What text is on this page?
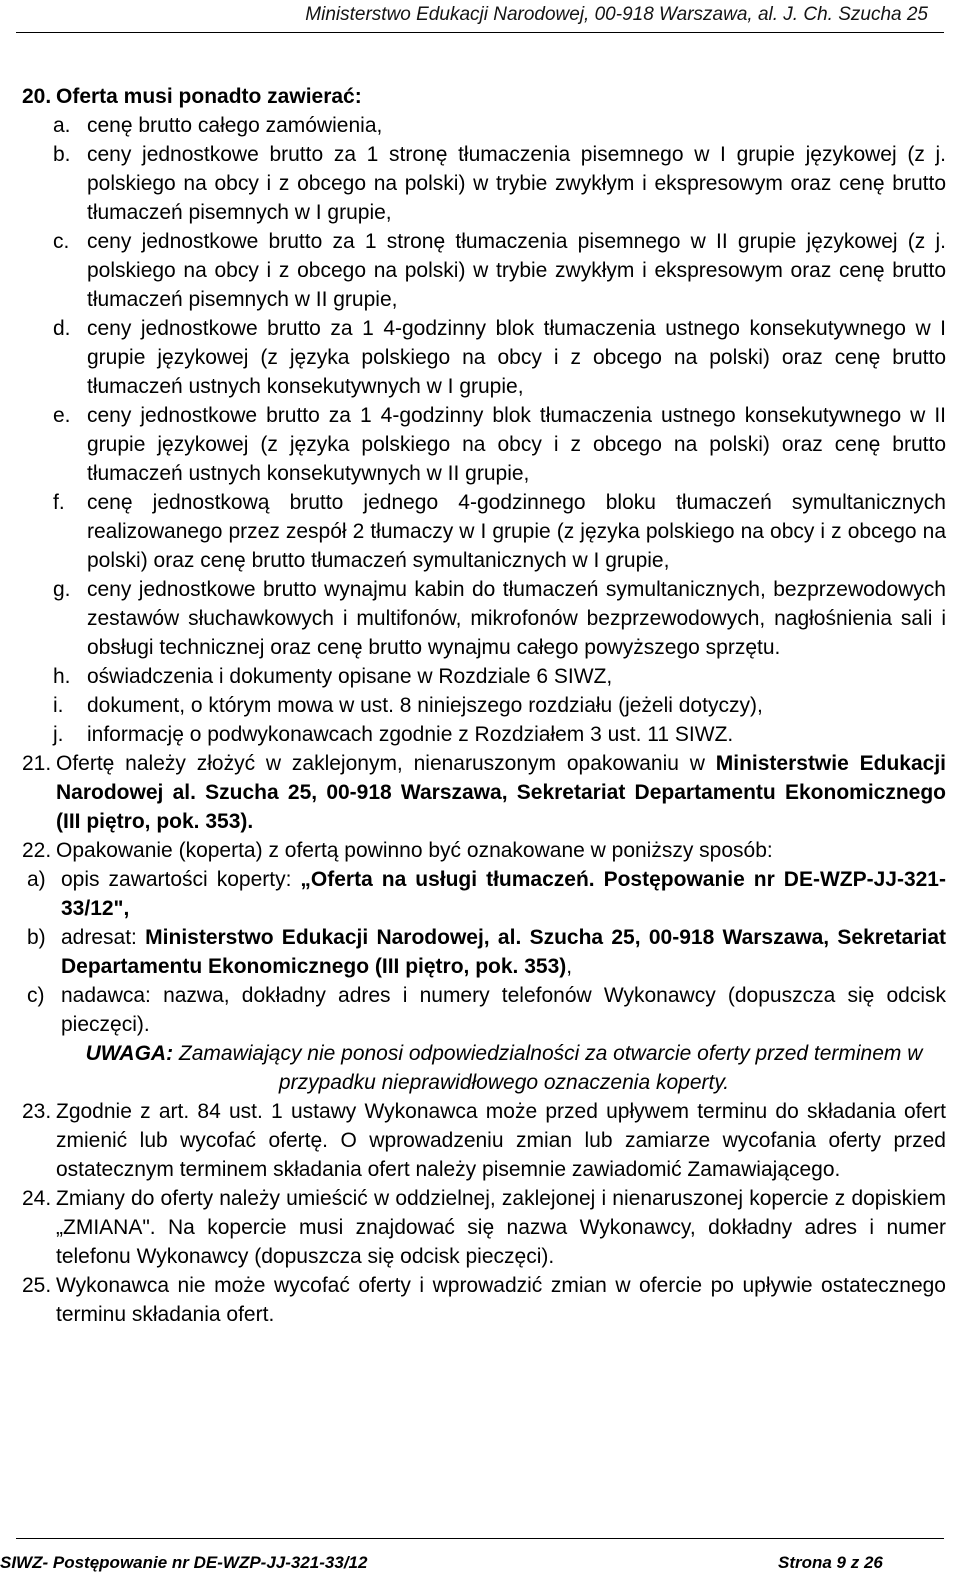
Ministerstwo Edukacji Narodowej, 00-918 Warszawa, al. J. Ch. Szucha 25
20. Oferta musi ponadto zawierać:

a. cenę brutto całego zamówienia,
b. ceny jednostkowe brutto za 1 stronę tłumaczenia pisemnego w I grupie językowej (z j. polskiego na obcy i z obcego na polski) w trybie zwykłym i ekspresowym oraz cenę brutto tłumaczeń pisemnych w I grupie,
c. ceny jednostkowe brutto za 1 stronę tłumaczenia pisemnego w II grupie językowej (z j. polskiego na obcy i z obcego na polski) w trybie zwykłym i ekspresowym oraz cenę brutto tłumaczeń pisemnych w II grupie,
d. ceny jednostkowe brutto za 1 4-godzinny blok tłumaczenia ustnego konsekutywnego w I grupie językowej (z języka polskiego na obcy i z obcego na polski) oraz cenę brutto tłumaczeń ustnych konsekutywnych w I grupie,
e. ceny jednostkowe brutto za 1 4-godzinny blok tłumaczenia ustnego konsekutywnego w II grupie językowej (z języka polskiego na obcy i z obcego na polski) oraz cenę brutto tłumaczeń ustnych konsekutywnych w II grupie,
f.	cenę jednostkową brutto jednego 4-godzinnego bloku tłumaczeń symultanicznych realizowanego przez zespół 2 tłumaczy w I grupie (z języka polskiego na obcy i z obcego na polski) oraz cenę brutto tłumaczeń symultanicznych w I grupie,
g. ceny jednostkowe brutto wynajmu kabin do tłumaczeń symultanicznych, bezprzewodowych zestawów słuchawkowych i multifonów, mikrofonów bezprzewodowych, nagłośnienia sali i obsługi technicznej oraz cenę brutto wynajmu całego powyższego sprzętu.
h. oświadczenia i dokumenty opisane w Rozdziale 6 SIWZ,
i.	dokument, o którym mowa w ust. 8 niniejszego rozdziału (jeżeli dotyczy),
j.	informację o podwykonawcach zgodnie z Rozdziałem 3 ust. 11 SIWZ.
21. Ofertę należy złożyć w zaklejonym, nienaruszonym opakowaniu w Ministerstwie Edukacji Narodowej al. Szucha 25, 00-918 Warszawa, Sekretariat Departamentu Ekonomicznego (III piętro, pok. 353).

22. Opakowanie (koperta) z ofertą powinno być oznakowane w poniższy sposób:

a) opis zawartości koperty: „Oferta na usługi tłumaczeń. Postępowanie nr DE-WZP-JJ-321-33/12",

b) adresat: Ministerstwo Edukacji Narodowej, al. Szucha 25, 00-918 Warszawa, Sekretariat Departamentu Ekonomicznego (III piętro, pok. 353),

c) nadawca: nazwa, dokładny adres i numery telefonów Wykonawcy (dopuszcza się odcisk pieczęci).

UWAGA: Zamawiający nie ponosi odpowiedzialności za otwarcie oferty przed terminem w przypadku nieprawidłowego oznaczenia koperty.

23. Zgodnie z art. 84 ust. 1 ustawy Wykonawca może przed upływem terminu do składania ofert zmienić lub wycofać ofertę. O wprowadzeniu zmian lub zamiarze wycofania oferty przed ostatecznym terminem składania ofert należy pisemnie zawiadomić Zamawiającego.

24. Zmiany do oferty należy umieścić w oddzielnej, zaklejonej i nienaruszonej kopercie z dopiskiem „ZMIANA". Na kopercie musi znajdować się nazwa Wykonawcy, dokładny adres i numer telefonu Wykonawcy (dopuszcza się odcisk pieczęci).

25. Wykonawca nie może wycofać oferty i wprowadzić zmian w ofercie po upływie ostatecznego terminu składania ofert.

SIWZ- Postępowanie nr DE-WZP-JJ-321-33/12	Strona 9 z 26
